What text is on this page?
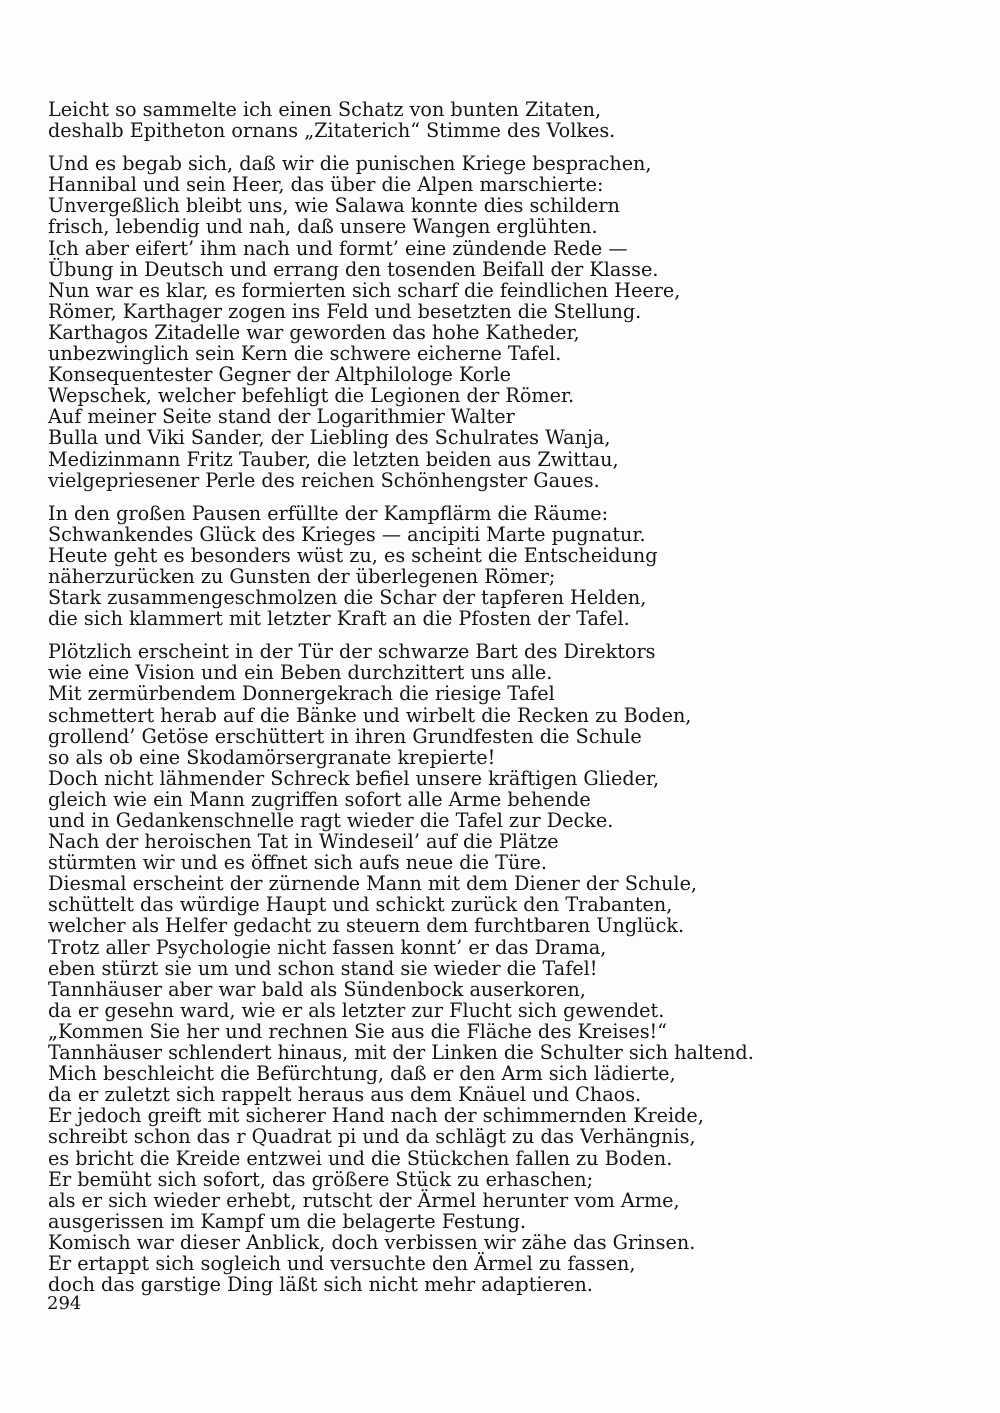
Leicht so sammelte ich einen Schatz von bunten Zitaten,
deshalb Epitheton ornans „Zitaterich“ Stimme des Volkes.
Und es begab sich, daß wir die punischen Kriege besprachen,
Hannibal und sein Heer, das über die Alpen marschierte:
Unvergeßlich bleibt uns, wie Salawa konnte dies schildern
frisch, lebendig und nah, daß unsere Wangen erglühten.
Ich aber eifert’ ihm nach und formt’ eine zündende Rede —
Übung in Deutsch und errang den tosenden Beifall der Klasse.
Nun war es klar, es formierten sich scharf die feindlichen Heere,
Römer, Karthager zogen ins Feld und besetzten die Stellung.
Karthagos Zitadelle war geworden das hohe Katheder,
unbezwinglich sein Kern die schwere eicherne Tafel.
Konsequentester Gegner der Altphilologe Korle
Wepschek, welcher befehligt die Legionen der Römer.
Auf meiner Seite stand der Logarithmier Walter
Bulla und Viki Sander, der Liebling des Schulrates Wanja,
Medizinmann Fritz Tauber, die letzten beiden aus Zwittau,
vielgepriesener Perle des reichen Schönhengster Gaues.
In den großen Pausen erfüllte der Kampflärm die Räume:
Schwankendes Glück des Krieges — ancipiti Marte pugnatur.
Heute geht es besonders wüst zu, es scheint die Entscheidung
näherzurücken zu Gunsten der überlegenen Römer;
Stark zusammengeschmolzen die Schar der tapferen Helden,
die sich klammert mit letzter Kraft an die Pfosten der Tafel.
Plötzlich erscheint in der Tür der schwarze Bart des Direktors
wie eine Vision und ein Beben durchzittert uns alle.
Mit zermürbendem Donnergekrach die riesige Tafel
schmettert herab auf die Bänke und wirbelt die Recken zu Boden,
grollend’ Getöse erschüttert in ihren Grundfesten die Schule
so als ob eine Skodamörsergranate krepierte!
Doch nicht lähmender Schreck befiel unsere kräftigen Glieder,
gleich wie ein Mann zugriffen sofort alle Arme behende
und in Gedankenschnelle ragt wieder die Tafel zur Decke.
Nach der heroischen Tat in Windeseil’ auf die Plätze
stürmten wir und es öffnet sich aufs neue die Türe.
Diesmal erscheint der zürnende Mann mit dem Diener der Schule,
schüttelt das würdige Haupt und schickt zurück den Trabanten,
welcher als Helfer gedacht zu steuern dem furchtbaren Unglück.
Trotz aller Psychologie nicht fassen konnt’ er das Drama,
eben stürzt sie um und schon stand sie wieder die Tafel!
Tannhäuser aber war bald als Sündenbock auserkoren,
da er gesehn ward, wie er als letzter zur Flucht sich gewendet.
„Kommen Sie her und rechnen Sie aus die Fläche des Kreises!“
Tannhäuser schlendert hinaus, mit der Linken die Schulter sich haltend.
Mich beschleicht die Befürchtung, daß er den Arm sich lädierte,
da er zuletzt sich rappelt heraus aus dem Knäuel und Chaos.
Er jedoch greift mit sicherer Hand nach der schimmernden Kreide,
schreibt schon das r Quadrat pi und da schlägt zu das Verhängnis,
es bricht die Kreide entzwei und die Stückchen fallen zu Boden.
Er bemüht sich sofort, das größere Stück zu erhaschen;
als er sich wieder erhebt, rutscht der Ärmel herunter vom Arme,
ausgerissen im Kampf um die belagerte Festung.
Komisch war dieser Anblick, doch verbissen wir zähe das Grinsen.
Er ertappt sich sogleich und versuchte den Ärmel zu fassen,
doch das garstige Ding läßt sich nicht mehr adaptieren.
294
